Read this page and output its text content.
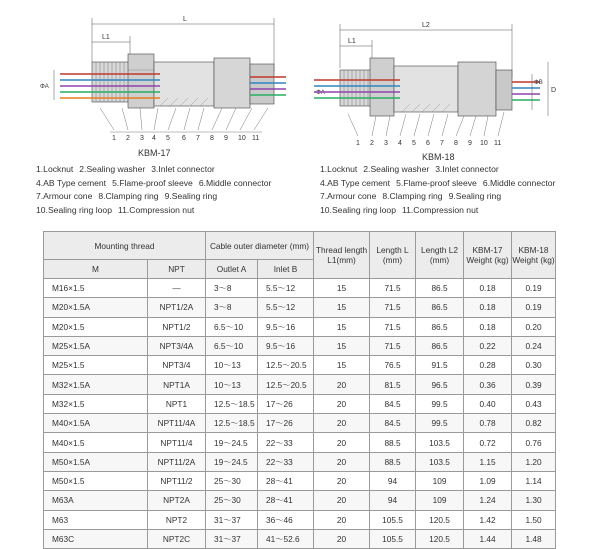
L
L1
ΦA
1 2 3 4 5 6 7 8 9 10 11
L2
L1
ΦA
ΦB
D
1 2 3 4 5 6 7 8 9 10 11
KBM-17	KBM-18
1.Locknut 2.Sealing washer 3.Inlet connector
4.AB Type cement 5.Flame-proof sleeve 6.Middle connector
7.Armour cone 8.Clamping ring 9.Sealing ring
10.Sealing ring loop 11.Compression nut
1.Locknut 2.Sealing washer 3.Inlet connector
4.AB Type cement 5.Flame-proof sleeve 6.Middle connector
7.Armour cone 8.Clamping ring 9.Sealing ring
10.Sealing ring loop 11.Compression nut
Mounting thread		Cable outer diameter (mm)		Thread length L1(mm)	Length L (mm)	Length L2 (mm)	KBM-17 Weight (kg)	KBM-18 Weight (kg)
M	NPT	Outlet A	Inlet B					
M16×1.5	—	3～8	5.5～12	15	71.5	86.5	0.18	0.19
M20×1.5A	NPT1/2A	3～8	5.5～12	15	71.5	86.5	0.18	0.19
M20×1.5	NPT1/2	6.5～10	9.5～16	15	71.5	86.5	0.18	0.20
M25×1.5A	NPT3/4A	6.5～10	9.5～16	15	71.5	86.5	0.22	0.24
M25×1.5	NPT3/4	10～13	12.5～20.5	15	76.5	91.5	0.28	0.30
M32×1.5A	NPT1A	10～13	12.5～20.5	20	81.5	96.5	0.36	0.39
M32×1.5	NPT1	12.5～18.5	17～26	20	84.5	99.5	0.40	0.43
M40×1.5A	NPT11/4A	12.5～18.5	17～26	20	84.5	99.5	0.78	0.82
M40×1.5	NPT11/4	19～24.5	22～33	20	88.5	103.5	0.72	0.76
M50×1.5A	NPT11/2A	19～24.5	22～33	20	88.5	103.5	1.15	1.20
M50×1.5	NPT11/2	25～30	28～41	20	94	109	1.09	1.14
M63A	NPT2A	25～30	28～41	20	94	109	1.24	1.30
M63	NPT2	31～37	36～46	20	105.5	120.5	1.42	1.50
M63C	NPT2C	31～37	41～52.6	20	105.5	120.5	1.44	1.48
